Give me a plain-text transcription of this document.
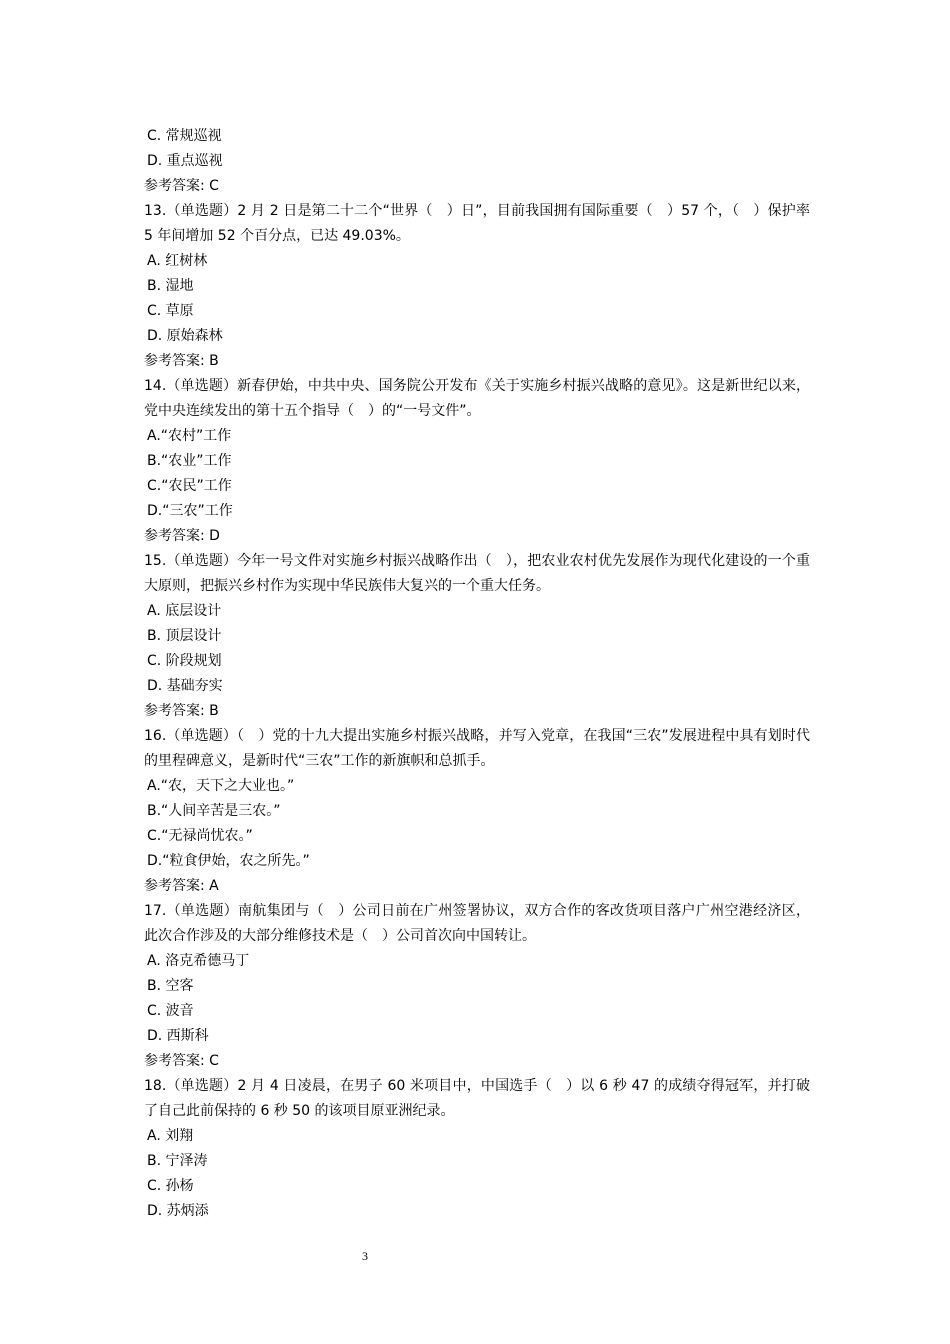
C. 常规巡视
D. 重点巡视
参考答案: C
13.（单选题）2 月 2 日是第二十二个“世界（　）日”，目前我国拥有国际重要（　）57 个，（　）保护率 5 年间增加 52 个百分点，已达 49.03%。
A. 红树林
B. 湿地
C. 草原
D. 原始森林
参考答案: B
14.（单选题）新春伊始，中共中央、国务院公开发布《关于实施乡村振兴战略的意见》。这是新世纪以来，党中央连续发出的第十五个指导（　）的“一号文件”。
A.“农村”工作
B.“农业”工作
C.“农民”工作
D.“三农”工作
参考答案: D
15.（单选题）今年一号文件对实施乡村振兴战略作出（　），把农业农村优先发展作为现代化建设的一个重大原则，把振兴乡村作为实现中华民族伟大复兴的一个重大任务。
A. 底层设计
B. 顶层设计
C. 阶段规划
D. 基础夯实
参考答案: B
16.（单选题）（　）党的十九大提出实施乡村振兴战略，并写入党章，在我国“三农”发展进程中具有划时代的里程碑意义，是新时代“三农”工作的新旗帜和总抓手。
A.“农，天下之大业也。”
B.“人间辛苦是三农。”
C.“无禄尚忧农。”
D.“粒食伊始，农之所先。”
参考答案: A
17.（单选题）南航集团与（　）公司日前在广州签署协议，双方合作的客改货项目落户广州空港经济区，此次合作涉及的大部分维修技术是（　）公司首次向中国转让。
A. 洛克希德马丁
B. 空客
C. 波音
D. 西斯科
参考答案: C
18.（单选题）2 月 4 日凌晨，在男子 60 米项目中，中国选手（　）以 6 秒 47 的成绩夺得冠军，并打破了自己此前保持的 6 秒 50 的该项目原亚洲纪录。
A. 刘翔
B. 宁泽涛
C. 孙杨
D. 苏炳添
3
